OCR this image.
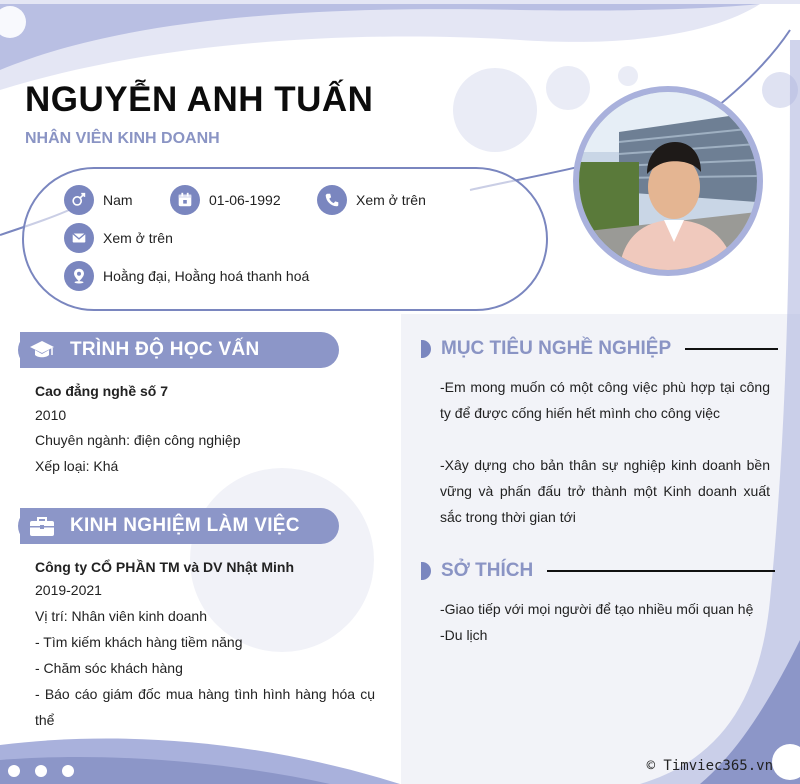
NGUYỄN ANH TUẤN
NHÂN VIÊN KINH DOANH
Nam	01-06-1992	Xem ở trên
Xem ở trên
Hoằng đại, Hoằng hoá thanh hoá
TRÌNH ĐỘ HỌC VẤN
Cao đẳng nghề số 7
2010
Chuyên ngành: điện công nghiệp
Xếp loại: Khá
KINH NGHIỆM LÀM VIỆC
Công ty CỔ PHẦN TM và DV Nhật Minh
2019-2021
Vị trí: Nhân viên kinh doanh
- Tìm kiếm khách hàng tiềm năng
- Chăm sóc khách hàng
- Báo cáo giám đốc mua hàng tình hình hàng hóa cụ thể
MỤC TIÊU NGHỀ NGHIỆP
-Em mong muốn có một công việc phù hợp tại công ty để được cống hiến hết mình cho công việc
-Xây dựng cho bản thân sự nghiệp kinh doanh bền vững và phấn đấu trở thành một Kinh doanh xuất sắc trong thời gian tới
SỞ THÍCH
-Giao tiếp với mọi người để tạo nhiều mối quan hệ
-Du lịch
© Timviec365.vn
